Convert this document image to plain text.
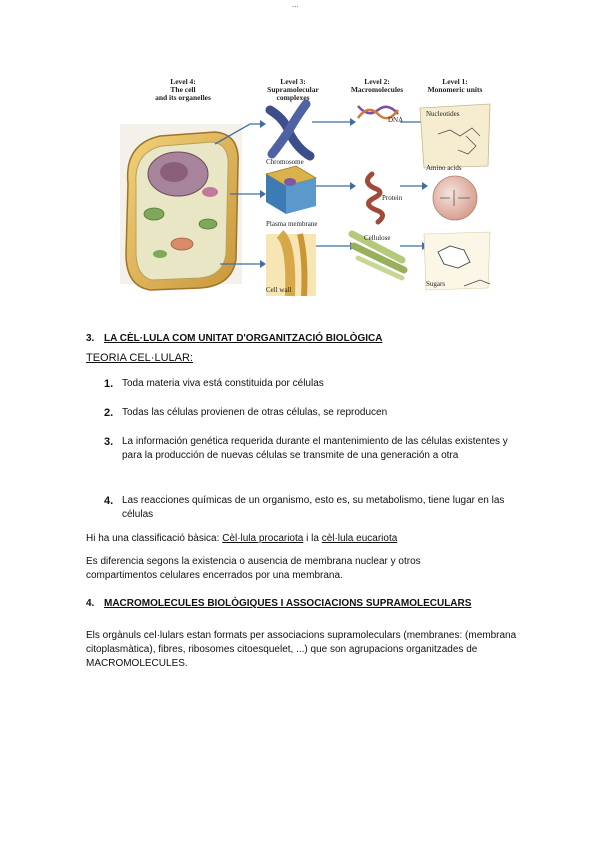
...
Level 4:
The cell
and its organelles
Level 3:
Supramolecular
complexes
Level 2:
Macromolecules
Level 1:
Monomeric units
Chromosome
Plasma membrane
Cell wall
DNA
Protein
Cellulose
Nucleotides
Amino acids
Sugars
3. LA CÈL·LULA COM UNITAT D'ORGANITZACIÓ BIOLÒGICA
TEORIA CEL·LULAR:
1. Toda materia viva está constituida por células
2. Todas las células provienen de otras células, se reproducen
3. La información genética requerida durante el mantenimiento de las células existentes y para la producción de nuevas células se transmite de una generación a otra
4. Las reacciones químicas de un organismo, esto es, su metabolismo, tiene lugar en las células
Hi ha una classificació bàsica: Cèl·lula procariota i la cèl·lula eucariota
Es diferencia segons la existencia o ausencia de membrana nuclear y otros compartimentos celulares encerrados por una membrana.
4. MACROMOLECULES BIOLÒGIQUES I ASSOCIACIONS SUPRAMOLECULARS
Els orgànuls cel·lulars estan formats per associacions supramoleculars (membranes: (membrana citoplasmàtica), fibres, ribosomes citoesquelet, ...) que son agrupacions organitzades de MACROMOLECULES.
